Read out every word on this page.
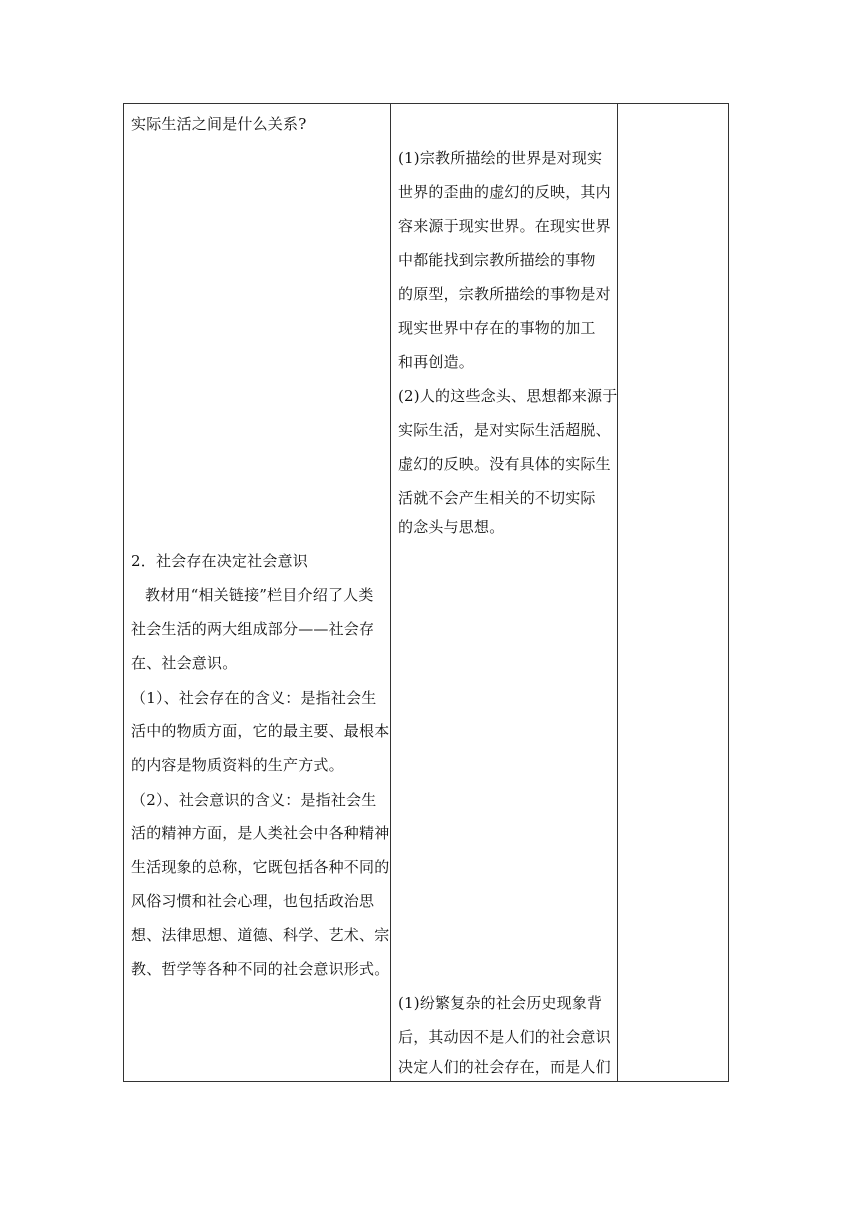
实际生活之间是什么关系?
2．社会存在决定社会意识
教材用“相关链接”栏目介绍了人类
社会生活的两大组成部分——社会存
在、社会意识。
（1）、社会存在的含义：是指社会生
活中的物质方面，它的最主要、最根本
的内容是物质资料的生产方式。
（2）、社会意识的含义：是指社会生
活的精神方面，是人类社会中各种精神
生活现象的总称，它既包括各种不同的
风俗习惯和社会心理，也包括政治思
想、法律思想、道德、科学、艺术、宗
教、哲学等各种不同的社会意识形式。
(1)宗教所描绘的世界是对现实
世界的歪曲的虚幻的反映，其内
容来源于现实世界。在现实世界
中都能找到宗教所描绘的事物
的原型，宗教所描绘的事物是对
现实世界中存在的事物的加工
和再创造。
(2)人的这些念头、思想都来源于
实际生活，是对实际生活超脱、
虚幻的反映。没有具体的实际生
活就不会产生相关的不切实际
的念头与思想。
(1)纷繁复杂的社会历史现象背
后，其动因不是人们的社会意识
决定人们的社会存在，而是人们
